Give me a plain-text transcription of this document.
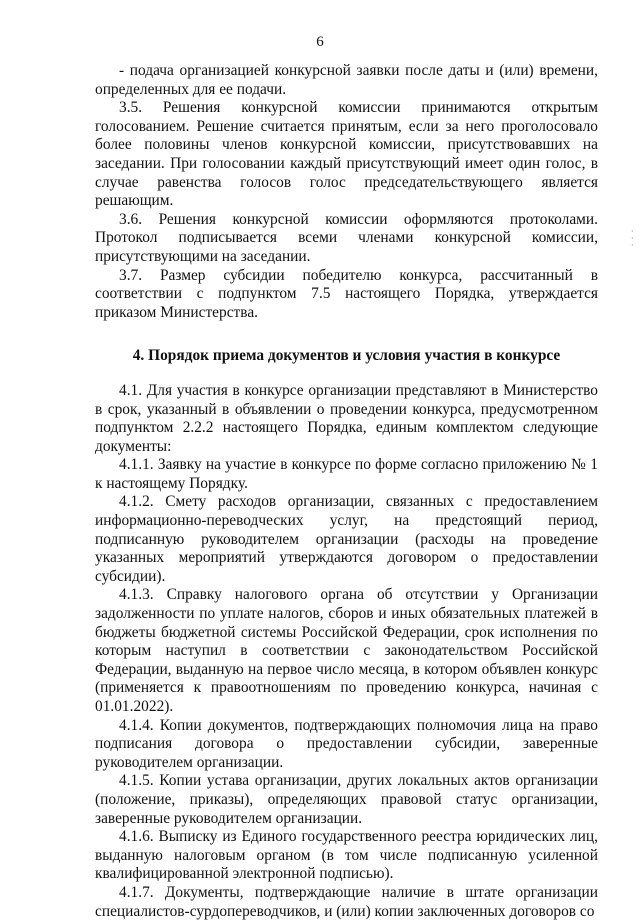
6
·
·
·

- подача организацией конкурсной заявки после даты и (или) времени, определенных для ее подачи.

3.5. Решения конкурсной комиссии принимаются открытым голосованием. Решение считается принятым, если за него проголосовало более половины членов конкурсной комиссии, присутствовавших на заседании. При голосовании каждый присутствующий имеет один голос, в случае равенства голосов голос председательствующего является решающим.

3.6. Решения конкурсной комиссии оформляются протоколами. Протокол подписывается всеми членами конкурсной комиссии, присутствующими на заседании.

3.7. Размер субсидии победителю конкурса, рассчитанный в соответствии с подпунктом 7.5 настоящего Порядка, утверждается приказом Министерства.

4. Порядок приема документов и условия участия в конкурсе

4.1. Для участия в конкурсе организации представляют в Министерство в срок, указанный в объявлении о проведении конкурса, предусмотренном подпунктом 2.2.2 настоящего Порядка, единым комплектом следующие документы:

4.1.1. Заявку на участие в конкурсе по форме согласно приложению № 1 к настоящему Порядку.

4.1.2. Смету расходов организации, связанных с предоставлением информационно-переводческих услуг, на предстоящий период, подписанную руководителем организации (расходы на проведение указанных мероприятий утверждаются договором о предоставлении субсидии).

4.1.3. Справку налогового органа об отсутствии у Организации задолженности по уплате налогов, сборов и иных обязательных платежей в бюджеты бюджетной системы Российской Федерации, срок исполнения по которым наступил в соответствии с законодательством Российской Федерации, выданную на первое число месяца, в котором объявлен конкурс (применяется к правоотношениям по проведению конкурса, начиная с 01.01.2022).

4.1.4. Копии документов, подтверждающих полномочия лица на право подписания договора о предоставлении субсидии, заверенные руководителем организации.

4.1.5. Копии устава организации, других локальных актов организации (положение, приказы), определяющих правовой статус организации, заверенные руководителем организации.

4.1.6. Выписку из Единого государственного реестра юридических лиц, выданную налоговым органом (в том числе подписанную усиленной квалифицированной электронной подписью).

4.1.7. Документы, подтверждающие наличие в штате организации специалистов-сурдопереводчиков, и (или) копии заключенных договоров со
